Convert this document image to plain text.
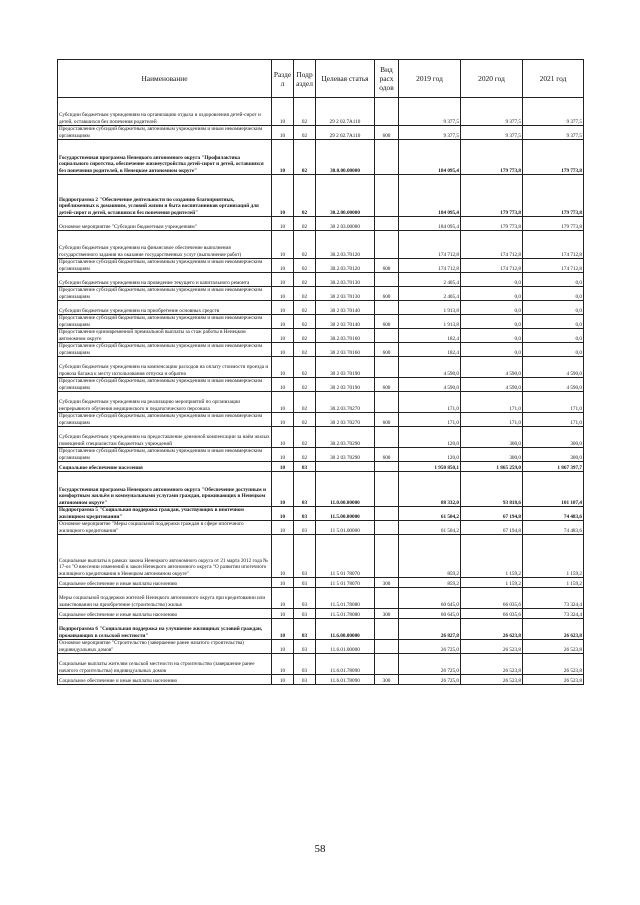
Наименование	Разде л	Подр аздел	Целевая статья	Вид расх одов	2019 год	2020 год	2021 год
Субсидии бюджетным учреждениям на организацию отдыха и оздоровления детей-сирот и детей, оставшихся без попечения родителей	10	02	29 2 02.7А110		9 377,5	9 377,5	9 377,5
Предоставление субсидий бюджетным, автономным учреждениям и иным некоммерческим организациям	10	02	29 2 02.7А110	600	9 377,5	9 377,5	9 377,5
Государственная программа Ненецкого автономного округа "Профилактика социального сиротства, обеспечение жизнеустройства детей-сирот и детей, оставшихся без попечения родителей, в Ненецком автономном округе"	10	02	30.0.00.00000		184 095,4	179 773,8	179 773,8
Подпрограмма 2 "Обеспечение деятельности по созданию благоприятных, приближенных к домашним, условий жизни и быта воспитанников организаций для детей-сирот и детей, оставшихся без попечения родителей"	10	02	30.2.00.00000		184 095,4	179 773,8	179 773,8
Основное мероприятие "Субсидии бюджетным учреждениям"	10	02	30 2 03.00000		184 095,4	179 773,8	179 773,8
Субсидии бюджетным учреждениям на финансовое обеспечение выполнения государственного задания на оказание государственных услуг (выполнение работ)	10	02	30.2.03.70120		174 712,8	174 712,8	174 712,8
Предоставление субсидий бюджетным, автономным учреждениям и иным некоммерческим организациям	10	02	30.2.03.70120	600	174 712,8	174 712,8	174 712,8
Субсидии бюджетным учреждениям на проведение текущего и капитального ремонта	10	02	30.2.03.70130		2 405,4	0,0	0,0
Предоставление субсидий бюджетным, автономным учреждениям и иным некоммерческим организациям	10	02	30 2 03 70130	600	2 405,4	0,0	0,0
Субсидии бюджетным учреждениям на приобретение основных средств	10	02	30 2 03 70140		1 913,8	0,0	0,0
Предоставление субсидий бюджетным, автономным учреждениям и иным некоммерческим организациям	10	02	30 2 03 70140	600	1 913,8	0,0	0,0
Предоставление единовременной премиальной выплаты за стаж работы в Ненецком автономном округе	10	02	30.2.03.70160		182,4	0,0	0,0
Предоставление субсидий бюджетным, автономным учреждениям и иным некоммерческим организациям	10	02	30 2 03 70160	600	182,4	0,0	0,0
Субсидии бюджетным учреждениям на компенсацию расходов на оплату стоимости проезда и провоза багажа к месту использования отпуска и обратно	10	02	30 2 03 70190		4 590,0	4 590,0	4 590,0
Предоставление субсидий бюджетным, автономным учреждениям и иным некоммерческим организациям	10	02	30 2 03 70190	600	4 590,0	4 590,0	4 590,0
Субсидии бюджетным учреждениям на реализацию мероприятий по организации непрерывного обучения медицинского и педагогического персонала	10	02	30.2.03.70270		171,0	171,0	171,0
Предоставление субсидий бюджетным, автономным учреждениям и иным некоммерческим организациям	10	02	30 2 03 70270	600	171,0	171,0	171,0
Субсидии бюджетным учреждениям на предоставление денежной компенсации за наём жилых помещений специалистам бюджетных учреждений	10	02	30.2.03.70290		120,0	300,0	300,0
Предоставление субсидий бюджетным, автономным учреждениям и иным некоммерческим организациям	10	02	30 2 03 70290	600	120,0	300,0	300,0
Социальное обеспечение населения	10	03			1 950 850,1	1 865 259,0	1 867 397,7
Государственная программа Ненецкого автономного округа "Обеспечение доступным и комфортным жильём и коммунальными услугами граждан, проживающих в Ненецком автономном округе"	10	03	11.0.00.00000		88 332,0	93 818,6	101 107,4
Подпрограмма 5 "Социальная поддержка граждан, участвующих в ипотечном жилищном кредитовании"	10	03	11.5.00.00000		61 504,2	67 194,8	74 483,6
Основное мероприятие "Меры социальной поддержки граждан в сфере ипотечного жилищного кредитования"	10	03	11 5.01.00000		61 504,2	67 194,8	74 483,6
Социальные выплаты в рамках закона Ненецкого автономного округа от 21 марта 2012 года № 17-оз "О внесении изменений в закон Ненецкого автономного округа "О развитии ипотечного жилищного кредитования в Ненецком автономном округе"	10	03	11 5 01 78070		859,2	1 159,2	1 159,2
Социальное обеспечение и иные выплаты населению	10	03	11 5 01 78070	300	859,2	1 159,2	1 159,2
Меры социальной поддержки жителей Ненецкого автономного округа при кредитовании или заимствовании на приобретение (строительство) жилья	10	03	11.5.01.78080		60 645,0	66 035,6	73 324,4
Социальное обеспечение и иные выплаты населению	10	03	11.5.01.78080	300	60 645,0	66 035,6	73 324,4
Подпрограмма 6 "Социальная поддержка на улучшение жилищных условий граждан, проживающих в сельской местности"	10	03	11.6.00.00000		26 827,8	26 623,8	26 623,8
Основное мероприятие "Строительство (завершение ранее начатого строительства) индивидуальных домов"	10	03	11.6.01.00000		26 725,0	26 523,8	26 523,8
Социальные выплаты жителям сельской местности на строительство (завершение ранее начатого строительства) индивидуальных домов	10	03	11.6.01.78090		26 725,0	26 523,8	26 523,8
Социальное обеспечение и иные выплаты населению	10	03	11.6.01.78090	300	26 725,0	26 523,8	26 523,8
58
